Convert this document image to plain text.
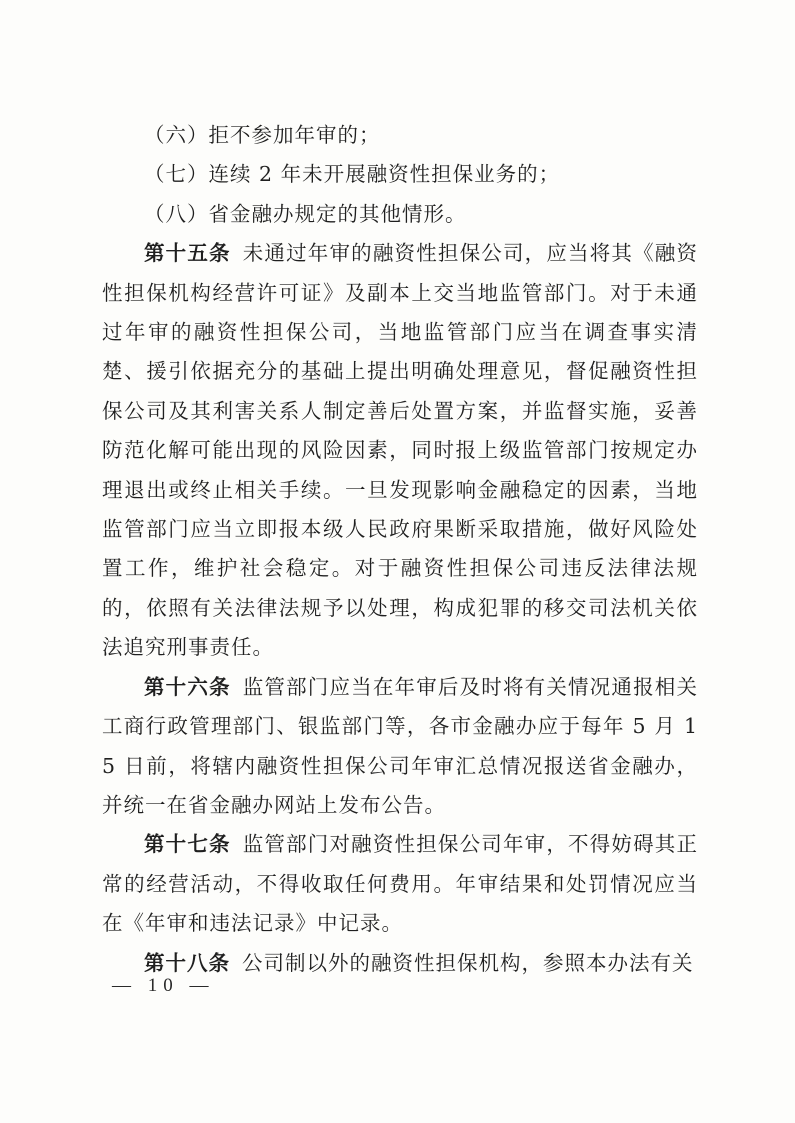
（六）拒不参加年审的；

（七）连续 2 年未开展融资性担保业务的；

（八）省金融办规定的其他情形。

第十五条 未通过年审的融资性担保公司，应当将其《融资性担保机构经营许可证》及副本上交当地监管部门。对于未通过年审的融资性担保公司，当地监管部门应当在调查事实清楚、援引依据充分的基础上提出明确处理意见，督促融资性担保公司及其利害关系人制定善后处置方案，并监督实施，妥善防范化解可能出现的风险因素，同时报上级监管部门按规定办理退出或终止相关手续。一旦发现影响金融稳定的因素，当地监管部门应当立即报本级人民政府果断采取措施，做好风险处置工作，维护社会稳定。对于融资性担保公司违反法律法规的，依照有关法律法规予以处理，构成犯罪的移交司法机关依法追究刑事责任。

第十六条 监管部门应当在年审后及时将有关情况通报相关工商行政管理部门、银监部门等，各市金融办应于每年 5 月 15 日前，将辖内融资性担保公司年审汇总情况报送省金融办，并统一在省金融办网站上发布公告。

第十七条 监管部门对融资性担保公司年审，不得妨碍其正常的经营活动，不得收取任何费用。年审结果和处罚情况应当在《年审和违法记录》中记录。

第十八条 公司制以外的融资性担保机构，参照本办法有关

— 10 —
